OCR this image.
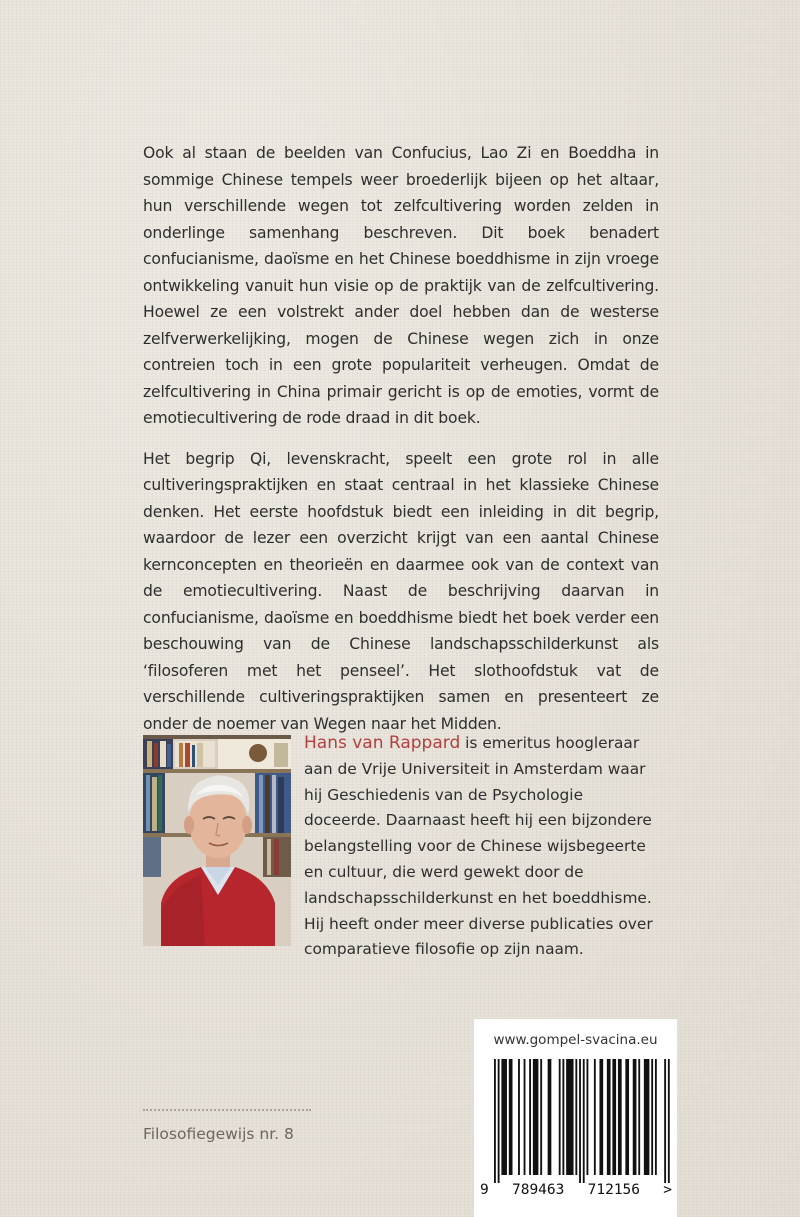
Ook al staan de beelden van Confucius, Lao Zi en Boeddha in sommige Chinese tempels weer broederlijk bijeen op het altaar, hun verschillende wegen tot zelfcultivering worden zelden in onderlinge samenhang beschreven. Dit boek benadert confucianisme, daoïsme en het Chinese boeddhisme in zijn vroege ontwikkeling vanuit hun visie op de praktijk van de zelfcultivering. Hoewel ze een volstrekt ander doel hebben dan de westerse zelfverwerkelijking, mogen de Chinese wegen zich in onze contreien toch in een grote populariteit verheugen. Omdat de zelfcultivering in China primair gericht is op de emoties, vormt de emotiecultivering de rode draad in dit boek.

Het begrip Qi, levenskracht, speelt een grote rol in alle cultiveringspraktijken en staat centraal in het klassieke Chinese denken. Het eerste hoofdstuk biedt een inleiding in dit begrip, waardoor de lezer een overzicht krijgt van een aantal Chinese kernconcepten en theorieën en daarmee ook van de context van de emotiecultivering. Naast de beschrijving daarvan in confucianisme, daoïsme en boeddhisme biedt het boek verder een beschouwing van de Chinese landschapsschilderkunst als ‘filosoferen met het penseel’. Het slothoofdstuk vat de verschillende cultiveringspraktijken samen en presenteert ze onder de noemer van Wegen naar het Midden.

Hans van Rappard is emeritus hoogleraar aan de Vrije Universiteit in Amsterdam waar hij Geschiedenis van de Psychologie doceerde. Daarnaast heeft hij een bijzondere belangstelling voor de Chinese wijsbegeerte en cultuur, die werd gewekt door de landschapsschilderkunst en het boeddhisme. Hij heeft onder meer diverse publicaties over comparatieve filosofie op zijn naam.
Filosofiegewijs nr. 8
www.gompel-svacina.eu
9 789463 712156 >
